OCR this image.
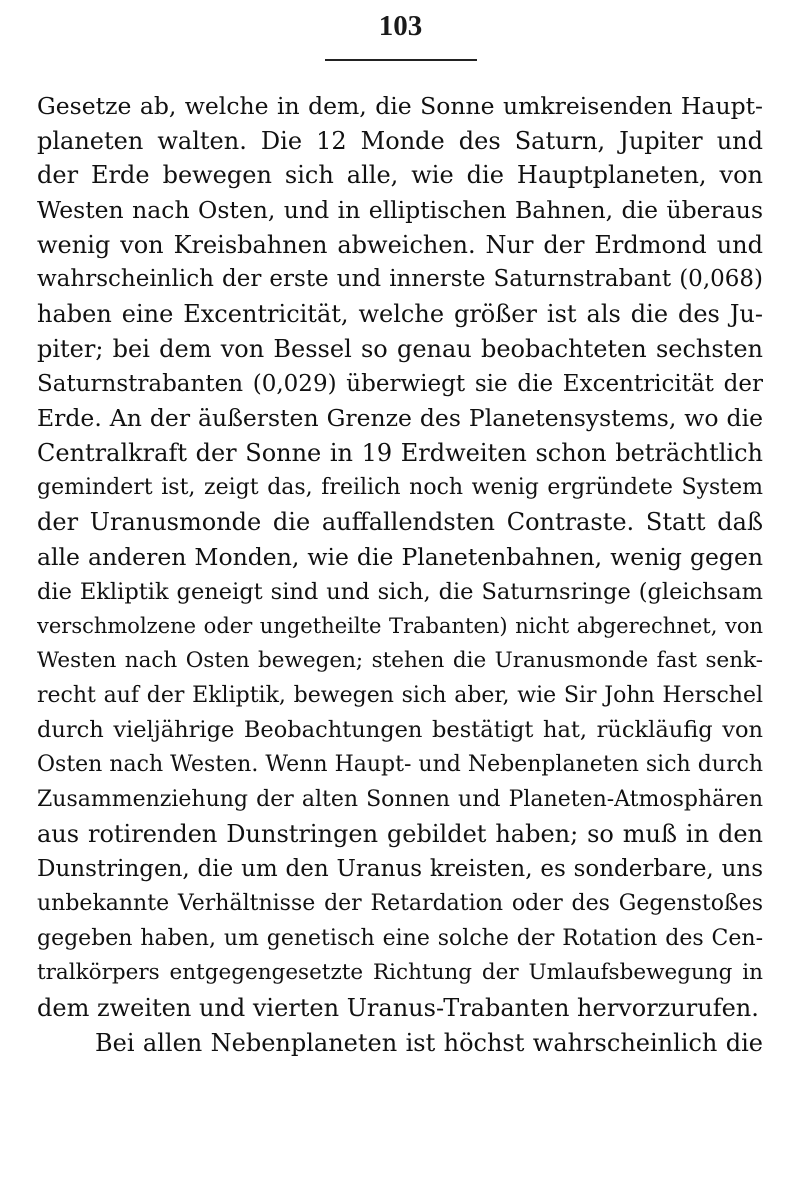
103
Gesetze ab, welche in dem, die Sonne umkreisenden Haupt-
planeten walten. Die 12 Monde des Saturn, Jupiter und
der Erde bewegen sich alle, wie die Hauptplaneten, von
Westen nach Osten, und in elliptischen Bahnen, die überaus
wenig von Kreisbahnen abweichen. Nur der Erdmond und
wahrscheinlich der erste und innerste Saturnstrabant (0,068)
haben eine Excentricität, welche größer ist als die des Ju-
piter; bei dem von Bessel so genau beobachteten sechsten
Saturnstrabanten (0,029) überwiegt sie die Excentricität der
Erde. An der äußersten Grenze des Planetensystems, wo die
Centralkraft der Sonne in 19 Erdweiten schon beträchtlich
gemindert ist, zeigt das, freilich noch wenig ergründete System
der Uranusmonde die auffallendsten Contraste. Statt daß
alle anderen Monden, wie die Planetenbahnen, wenig gegen
die Ekliptik geneigt sind und sich, die Saturnsringe (gleichsam
verschmolzene oder ungetheilte Trabanten) nicht abgerechnet, von
Westen nach Osten bewegen; stehen die Uranusmonde fast senk-
recht auf der Ekliptik, bewegen sich aber, wie Sir John Herschel
durch vieljährige Beobachtungen bestätigt hat, rückläufig von
Osten nach Westen. Wenn Haupt- und Nebenplaneten sich durch
Zusammenziehung der alten Sonnen und Planeten-Atmosphären
aus rotirenden Dunstringen gebildet haben; so muß in den
Dunstringen, die um den Uranus kreisten, es sonderbare, uns
unbekannte Verhältnisse der Retardation oder des Gegenstoßes
gegeben haben, um genetisch eine solche der Rotation des Cen-
tralkörpers entgegengesetzte Richtung der Umlaufsbewegung in
dem zweiten und vierten Uranus-Trabanten hervorzurufen.
Bei allen Nebenplaneten ist höchst wahrscheinlich die
